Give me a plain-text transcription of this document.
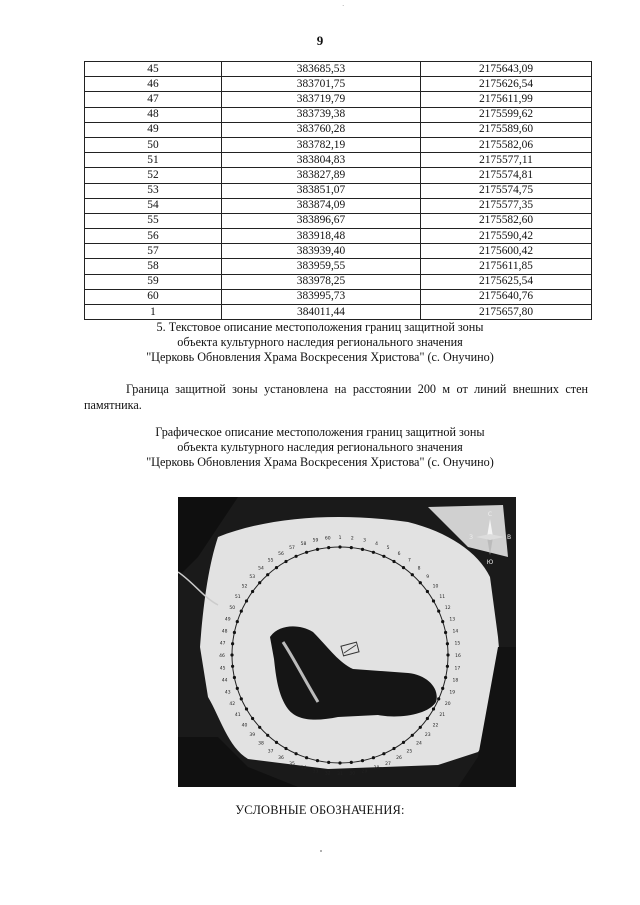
·
9
45	383685,53	2175643,09
46	383701,75	2175626,54
47	383719,79	2175611,99
48	383739,38	2175599,62
49	383760,28	2175589,60
50	383782,19	2175582,06
51	383804,83	2175577,11
52	383827,89	2175574,81
53	383851,07	2175574,75
54	383874,09	2175577,35
55	383896,67	2175582,60
56	383918,48	2175590,42
57	383939,40	2175600,42
58	383959,55	2175611,85
59	383978,25	2175625,54
60	383995,73	2175640,76
1	384011,44	2175657,80
5. Текстовое описание местоположения границ защитной зоны
объекта культурного наследия регионального значения
"Церковь Обновления Храма Воскресения Христова" (с. Онучино)
Граница защитной зоны установлена на расстоянии 200 м от линий внешних стен памятника.
Графическое описание местоположения границ защитной зоны
объекта культурного наследия регионального значения
"Церковь Обновления Храма Воскресения Христова" (с. Онучино)
1 2 3
4
5
6
7
8
9
10
11
12
13
14
15
16
17
18
19
20
21
22
23
24
25
26
27
28
29
30
31
32
33
34
35
36
37
38
39
40
41
42
43
44
45
46
47
48
49
50
51
52
53
54
55
56
57
58
59 60
С
Ю
З	В
УСЛОВНЫЕ ОБОЗНАЧЕНИЯ:
